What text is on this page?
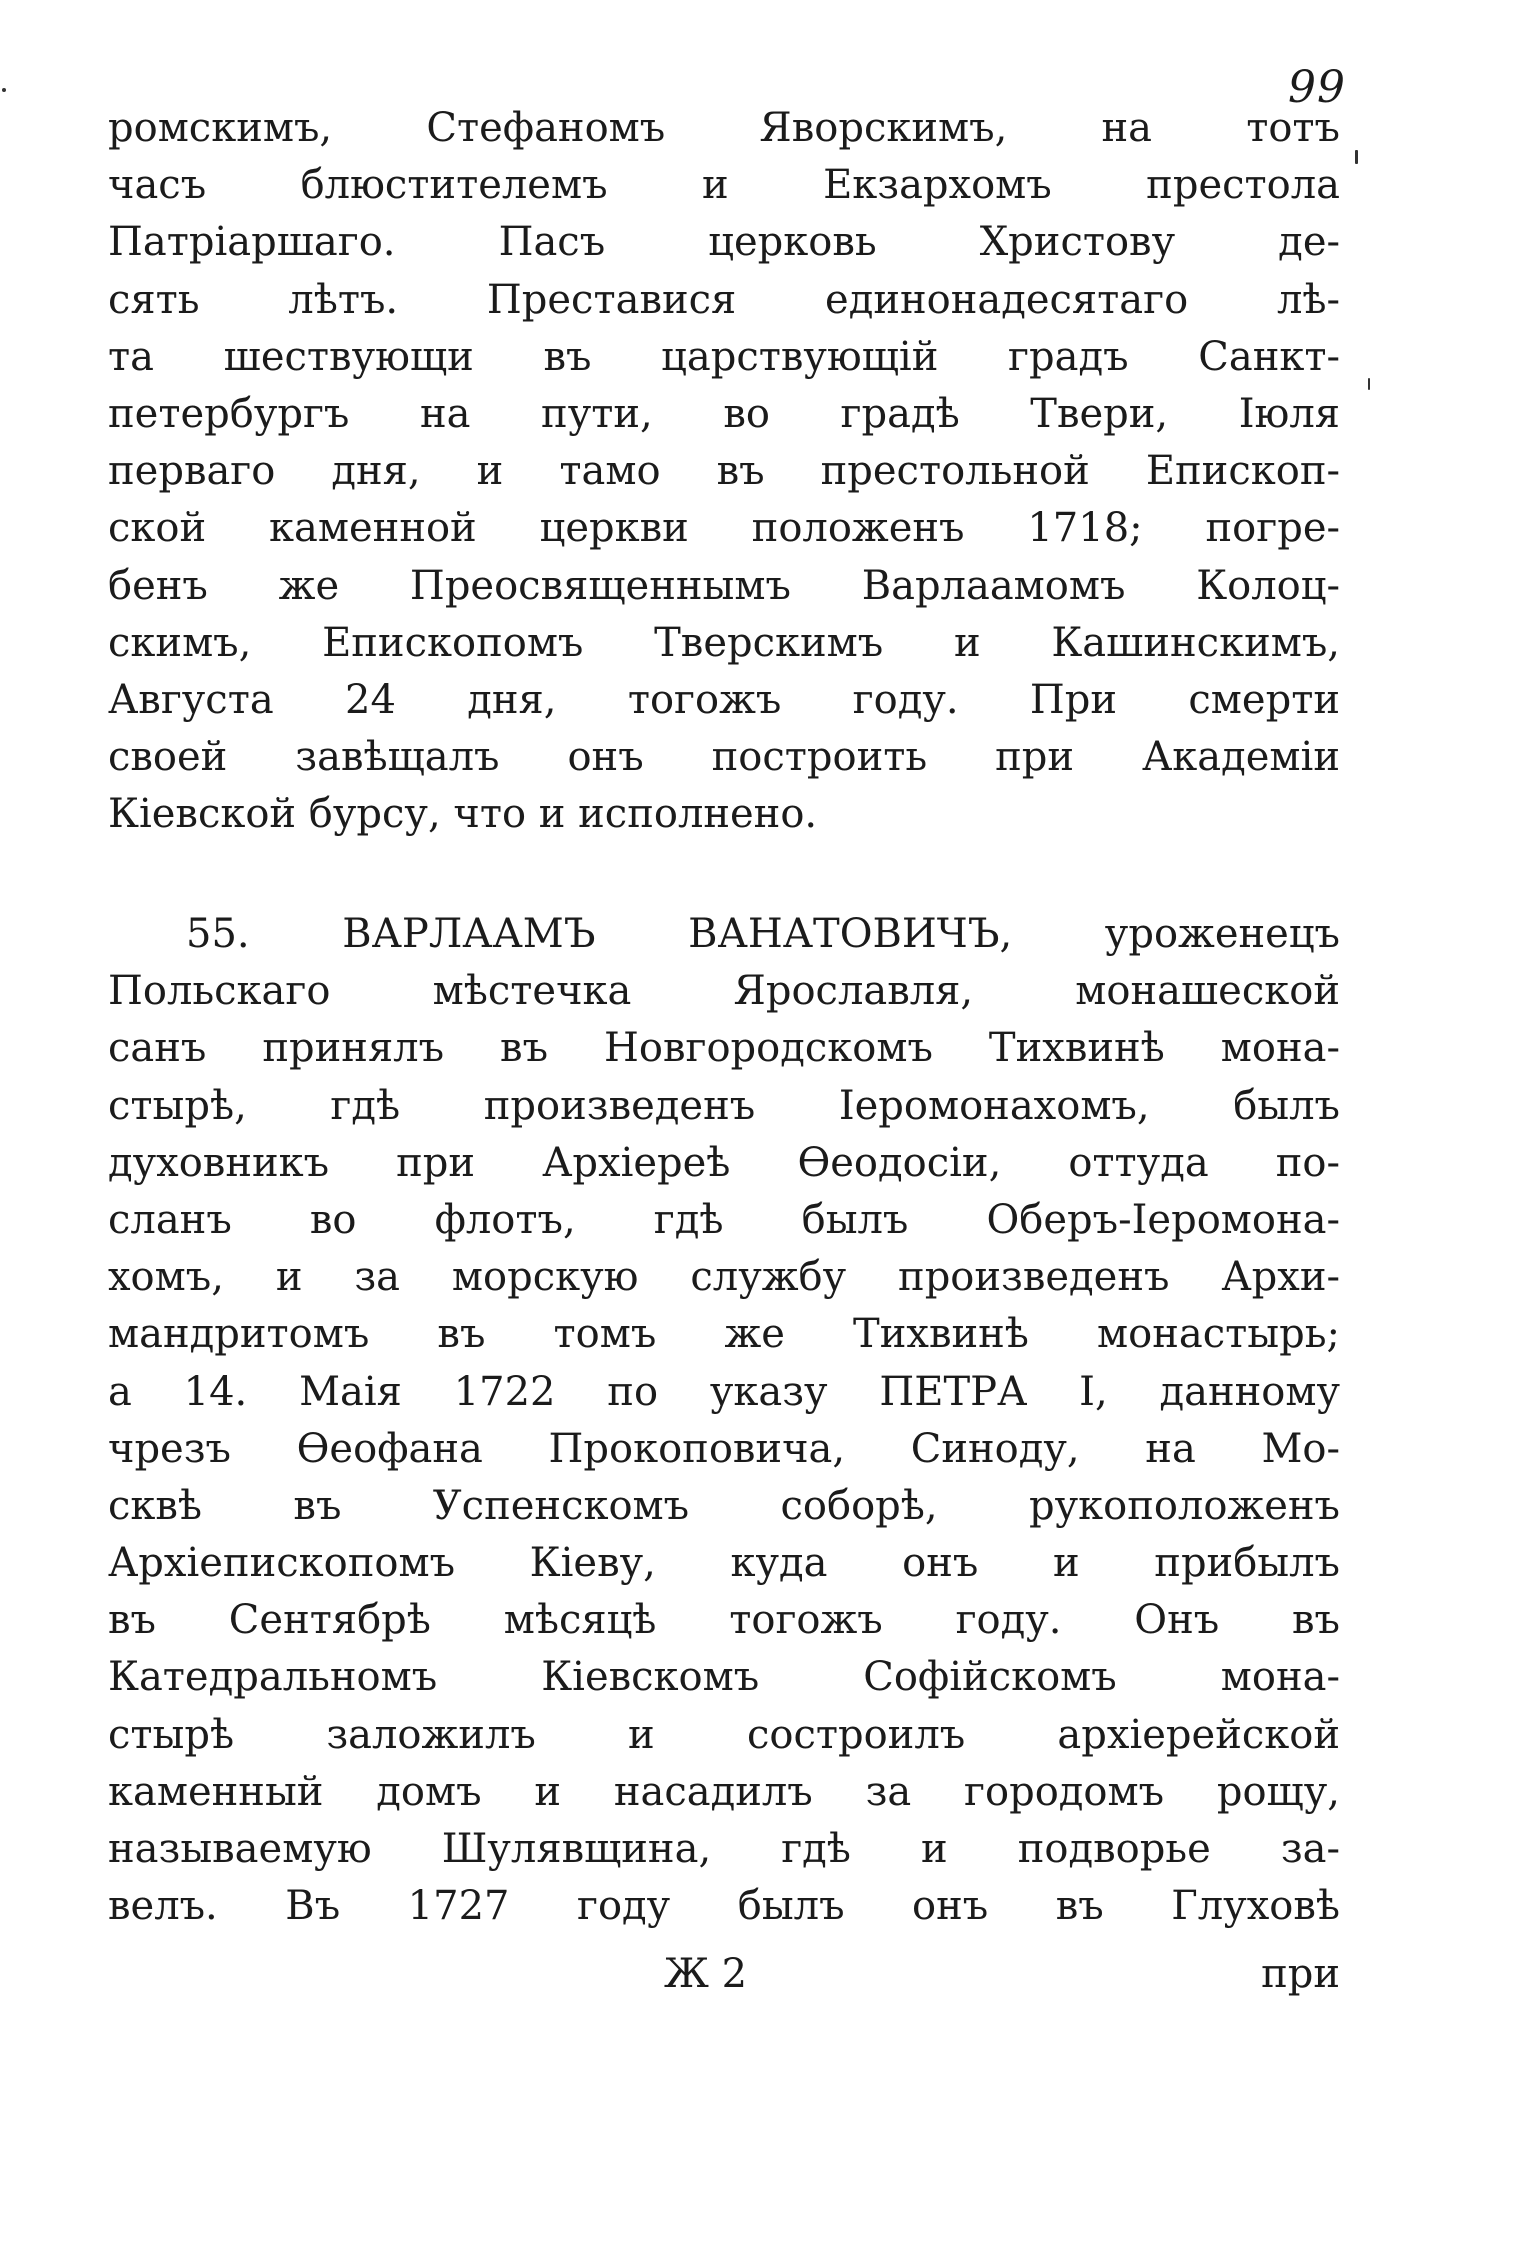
99
ромскимъ, Стефаномъ Яворскимъ, на тотъ
часъ блюстителемъ и Екзархомъ престола
Патріаршаго. Пасъ церковь Христову де-
сять лѣтъ. Преставися единонадесятаго лѣ-
та шествующи въ царствующій градъ Санкт-
петербургъ на пути, во градѣ Твери, Іюля
перваго дня, и тамо въ престольной Епископ-
ской каменной церкви положенъ 1718; погре-
бенъ же Преосвященнымъ Варлаамомъ Колоц-
скимъ, Епископомъ Тверскимъ и Кашинскимъ,
Августа 24 дня, тогожъ году. При смерти
своей завѣщалъ онъ построить при Академіи
Кіевской бурсу, что и исполнено.
55. ВАРЛААМЪ ВАНАТОВИЧЪ, уроженецъ
Польскаго мѣстечка Ярославля, монашеской
санъ принялъ въ Новгородскомъ Тихвинѣ мона-
стырѣ, гдѣ произведенъ Іеромонахомъ, былъ
духовникъ при Архіереѣ Ѳеодосіи, оттуда по-
сланъ во флотъ, гдѣ былъ Оберъ-Іеромона-
хомъ, и за морскую службу произведенъ Архи-
мандритомъ въ томъ же Тихвинѣ монастырь;
а 14. Маія 1722 по указу ПЕТРА I, данному
чрезъ Ѳеофана Прокоповича, Синоду, на Мо-
сквѣ въ Успенскомъ соборѣ, рукоположенъ
Архіепископомъ Кіеву, куда онъ и прибылъ
въ Сентябрѣ мѣсяцѣ тогожъ году. Онъ въ
Катедральномъ Кіевскомъ Софійскомъ мона-
стырѣ заложилъ и состроилъ архіерейской
каменный домъ и насадилъ за городомъ рощу,
называемую Шулявщина, гдѣ и подворье за-
велъ. Въ 1727 году былъ онъ въ Глуховѣ
Ж 2	при
